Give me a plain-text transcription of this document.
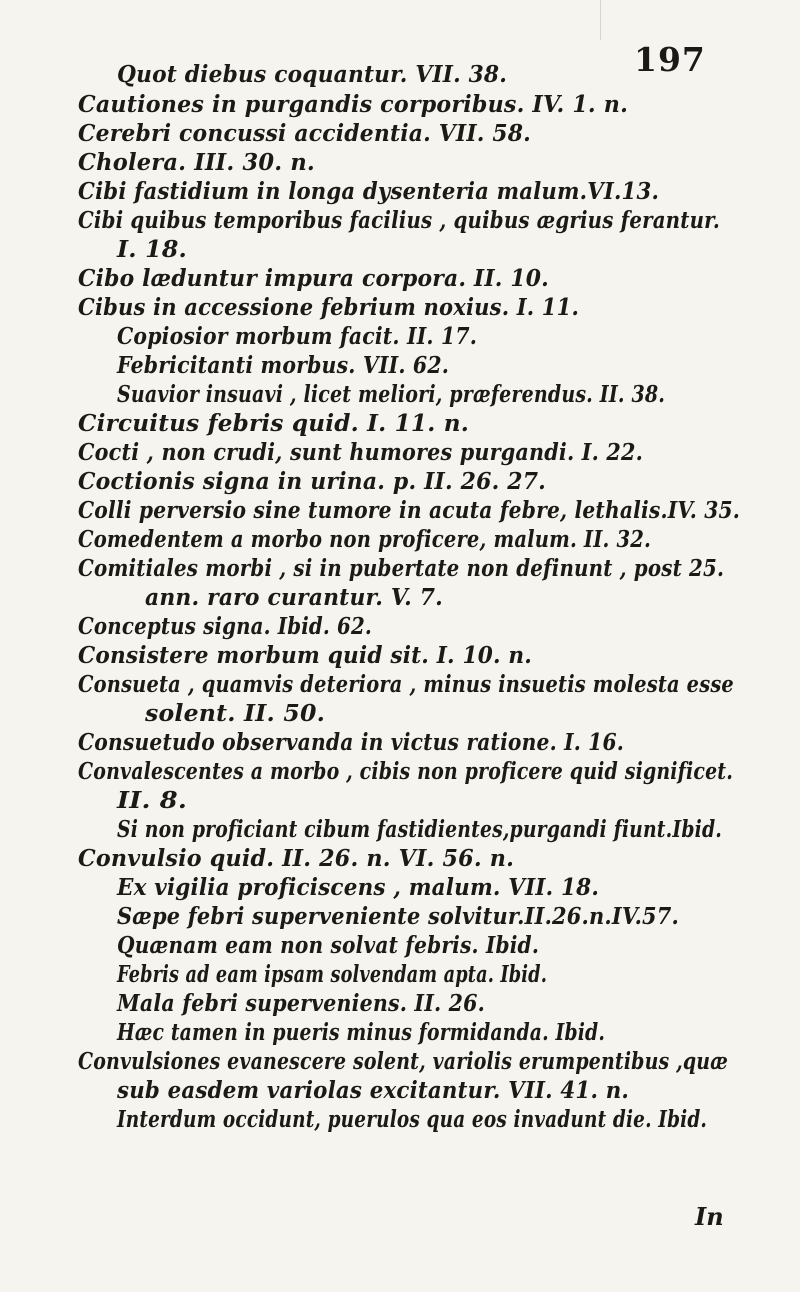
197
Quot diebus coquantur. VII. 38.
Cautiones in purgandis corporibus. IV. 1. n.
Cerebri concussi accidentia. VII. 58.
Cholera. III. 30. n.
Cibi fastidium in longa dysenteria malum.VI.13.
Cibi quibus temporibus facilius , quibus ægrius ferantur.
I. 18.
Cibo læduntur impura corpora. II. 10.
Cibus in accessione febrium noxius. I. 11.
Copiosior morbum facit. II. 17.
Febricitanti morbus. VII. 62.
Suavior insuavi , licet meliori, præferendus. II. 38.
Circuitus febris quid. I. 11. n.
Cocti , non crudi, sunt humores purgandi. I. 22.
Coctionis signa in urina. p. II. 26. 27.
Colli perversio sine tumore in acuta febre, lethalis.IV. 35.
Comedentem a morbo non proficere, malum. II. 32.
Comitiales morbi , si in pubertate non definunt , post 25.
ann. raro curantur. V. 7.
Conceptus signa. Ibid. 62.
Consistere morbum quid sit. I. 10. n.
Consueta , quamvis deteriora , minus insuetis molesta esse
solent. II. 50.
Consuetudo observanda in victus ratione. I. 16.
Convalescentes a morbo , cibis non proficere quid significet.
II. 8.
Si non proficiant cibum fastidientes,purgandi fiunt.Ibid.
Convulsio quid. II. 26. n. VI. 56. n.
Ex vigilia proficiscens , malum. VII. 18.
Sæpe febri superveniente solvitur.II.26.n.IV.57.
Quænam eam non solvat febris. Ibid.
Febris ad eam ipsam solvendam apta. Ibid.
Mala febri superveniens. II. 26.
Hæc tamen in pueris minus formidanda. Ibid.
Convulsiones evanescere solent, variolis erumpentibus ,quæ
sub easdem variolas excitantur. VII. 41. n.
Interdum occidunt, puerulos qua eos invadunt die. Ibid.
In
